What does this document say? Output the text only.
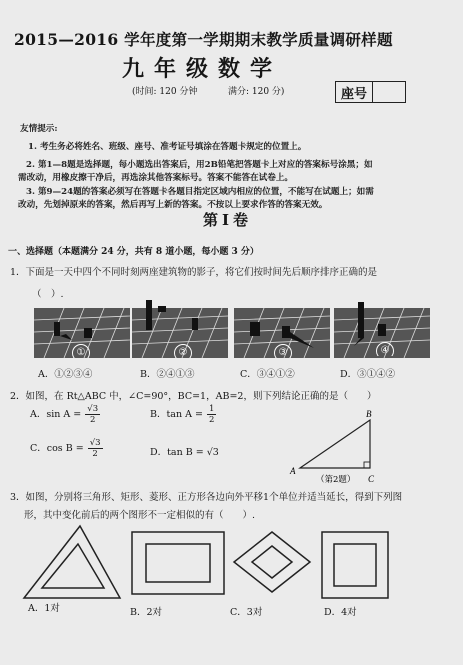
2015—2016 学年度第一学期期末教学质量调研样题
九年级数学
(时间: 120 分钟	满分: 120 分)	座号
友情提示:
1. 考生务必将姓名、班级、座号、准考证号填涂在答题卡规定的位置上。
2. 第1—8题是选择题，每小题选出答案后，用2B铅笔把答题卡上对应的答案标号涂黑；如
需改动，用橡皮擦干净后，再选涂其他答案标号。答案不能答在试卷上。
3. 第9—24题的答案必须写在答题卡各题目指定区域内相应的位置，不能写在试题上；如需
改动，先划掉原来的答案，然后再写上新的答案。不按以上要求作答的答案无效。
第Ⅰ卷
一、选择题（本题满分 24 分，共有 8 道小题，每小题 3 分）
1．下面是一天中四个不同时刻两座建筑物的影子，将它们按时间先后顺序排序正确的是
（　）.
①	②	③	④
A．①②③④	B．②④①③	C．③④①②	D．③①④②
2．如图，在 Rt△ABC 中，∠C=90°，BC=1，AB=2，则下列结论正确的是（　　）
A．$\sin A = \frac{√3}{2}$	B．$\tan A = \frac{1}{2}$
C．$\cos B = \frac{√3}{2}$	D．tan B = √3
A
B
C
（第2题）
3．如图，分别将三角形、矩形、菱形、正方形各边向外平移1个单位并适当延长，得到下列图
形，其中变化前后的两个图形不一定相似的有（　　）.
A．1对	B．2对	C．3对	D．4对
